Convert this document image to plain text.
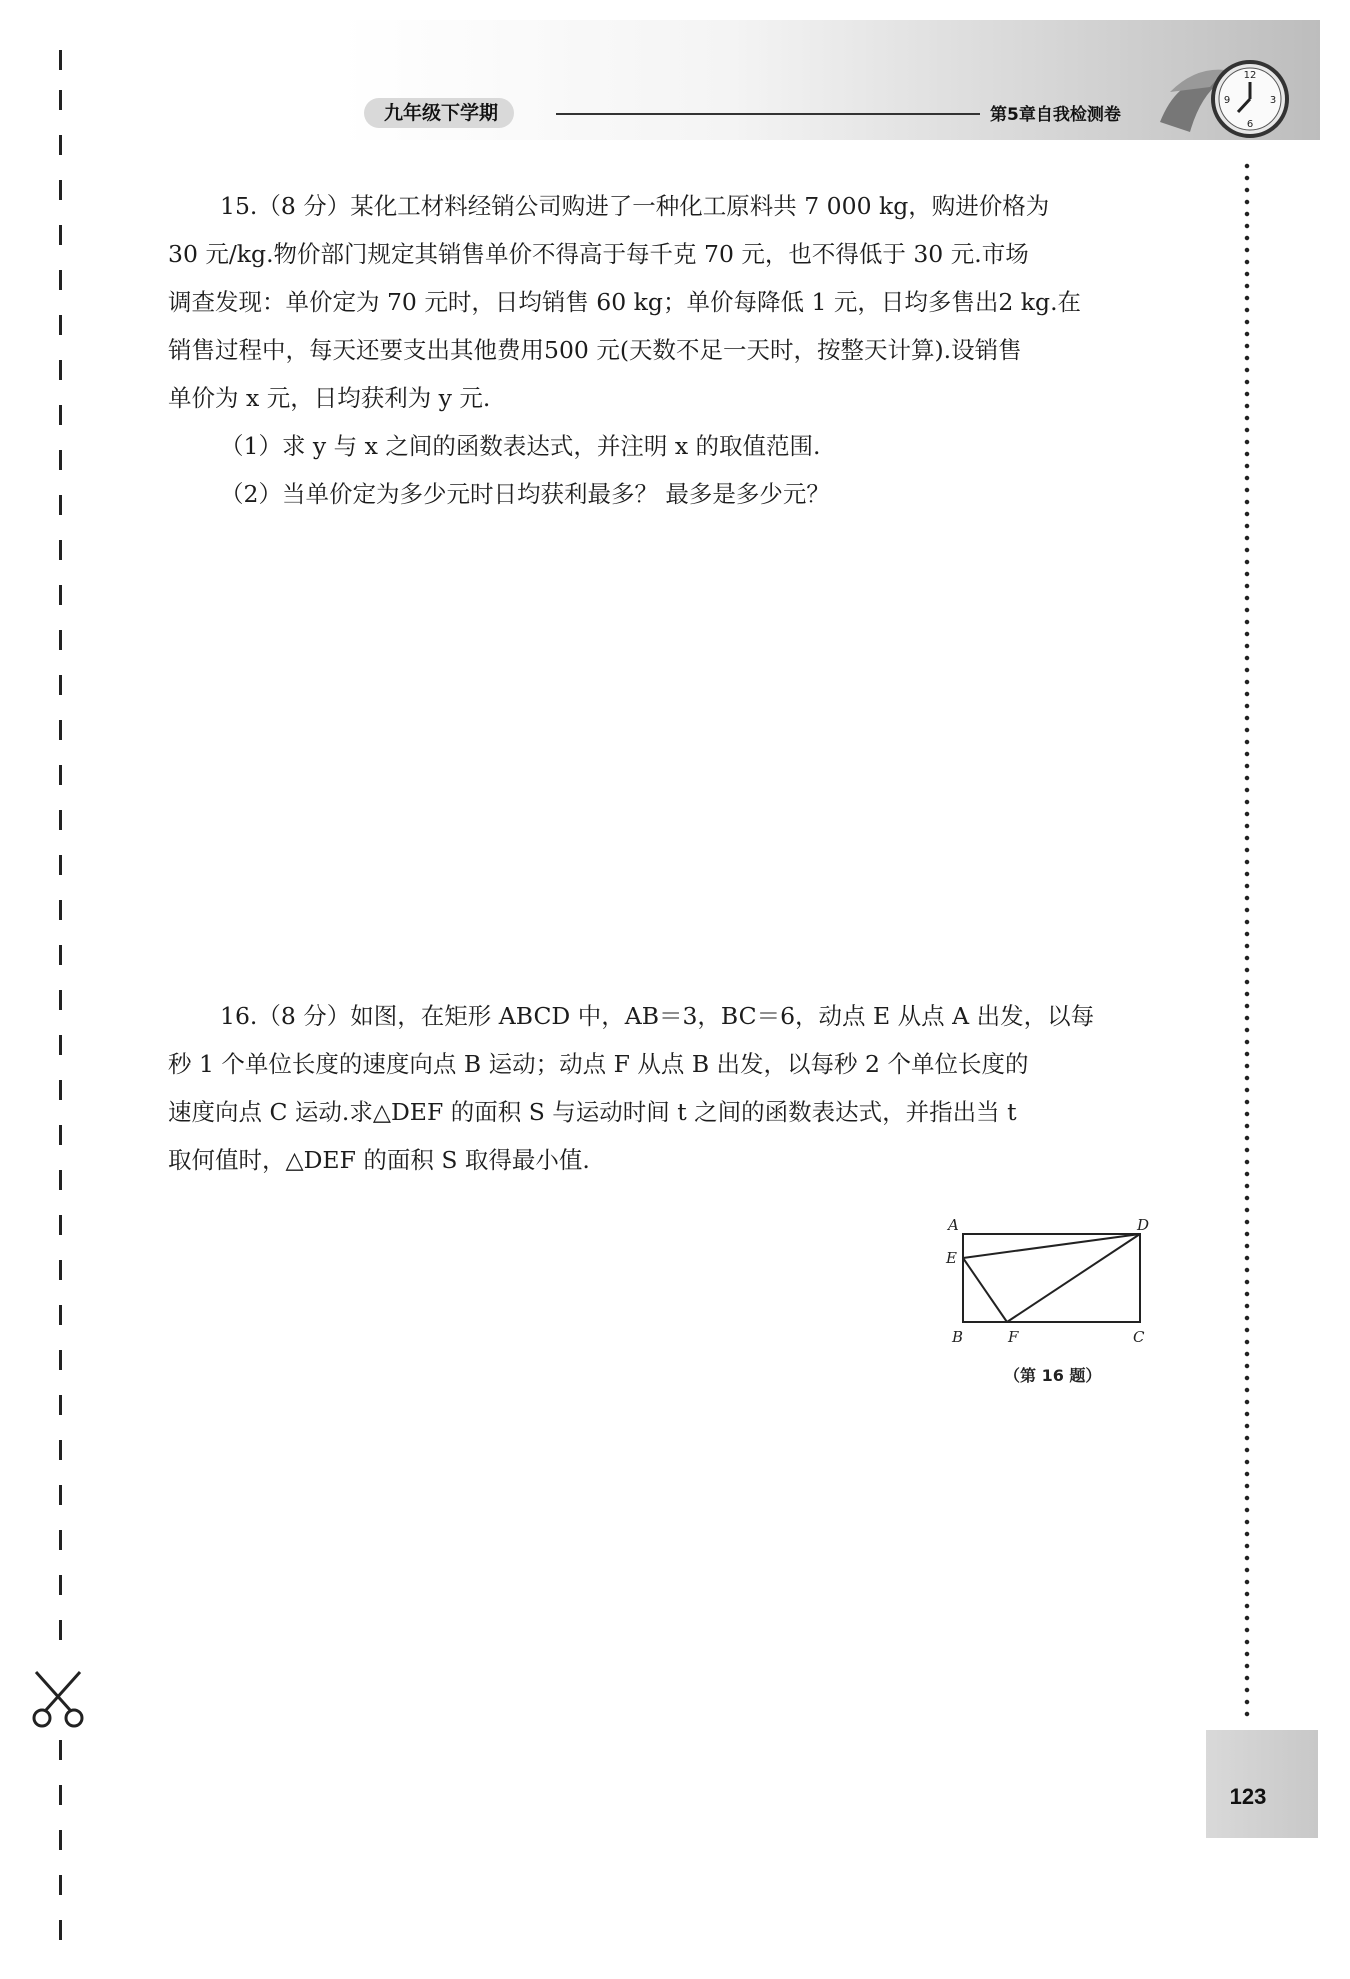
九年级下学期	第5章自我检测卷
12
3
6
9

15.（8 分）某化工材料经销公司购进了一种化工原料共 7 000 kg，购进价格为

30 元/kg.物价部门规定其销售单价不得高于每千克 70 元，也不得低于 30 元.市场

调查发现：单价定为 70 元时，日均销售 60 kg；单价每降低 1 元，日均多售出2 kg.在

销售过程中，每天还要支出其他费用500 元(天数不足一天时，按整天计算).设销售

单价为 x 元，日均获利为 y 元.

（1）求 y 与 x 之间的函数表达式，并注明 x 的取值范围.

（2）当单价定为多少元时日均获利最多？ 最多是多少元？

16.（8 分）如图，在矩形 ABCD 中，AB＝3，BC＝6，动点 E 从点 A 出发，以每

秒 1 个单位长度的速度向点 B 运动；动点 F 从点 B 出发，以每秒 2 个单位长度的

速度向点 C 运动.求△DEF 的面积 S 与运动时间 t 之间的函数表达式，并指出当 t

取何值时，△DEF 的面积 S 取得最小值.

A	D
E
B	F	C
（第 16 题）
123
